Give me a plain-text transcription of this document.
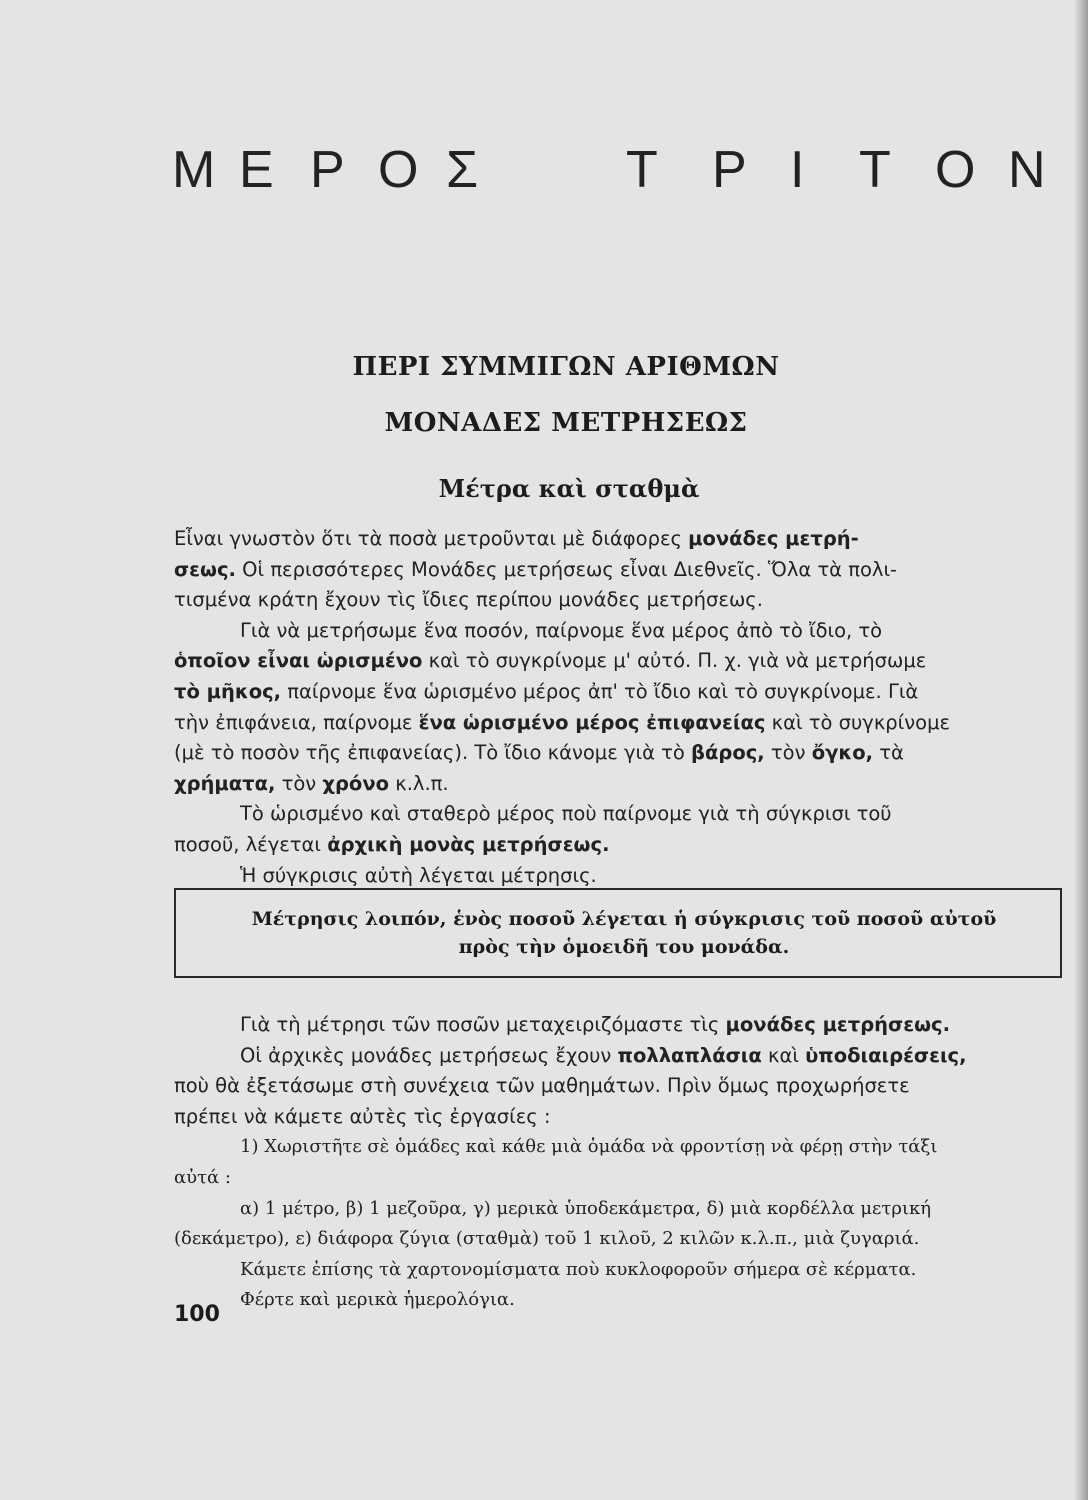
Μ Ε Ρ Ο Σ	Τ Ρ Ι Τ Ο Ν
ΠΕΡΙ ΣΥΜΜΙΓΩΝ ΑΡΙΘΜΩΝ
ΜΟΝΑΔΕΣ ΜΕΤΡΗΣΕΩΣ
Μέτρα καὶ σταθμὰ
Εἶναι γνωστὸν ὅτι τὰ ποσὰ μετροῦνται μὲ διάφορες μονάδες μετρή-
σεως. Οἱ περισσότερες Μονάδες μετρήσεως εἶναι Διεθνεῖς. Ὅλα τὰ πολι-
τισμένα κράτη ἔχουν τὶς ἴδιες περίπου μονάδες μετρήσεως.
Γιὰ νὰ μετρήσωμε ἕνα ποσόν, παίρνομε ἕνα μέρος ἀπὸ τὸ ἴδιο, τὸ
ὁποῖον εἶναι ὡρισμένο καὶ τὸ συγκρίνομε μ' αὐτό. Π. χ. γιὰ νὰ μετρήσωμε
τὸ μῆκος, παίρνομε ἕνα ὡρισμένο μέρος ἀπ' τὸ ἴδιο καὶ τὸ συγκρίνομε. Γιὰ
τὴν ἐπιφάνεια, παίρνομε ἕνα ὡρισμένο μέρος ἐπιφανείας καὶ τὸ συγκρίνομε
(μὲ τὸ ποσὸν τῆς ἐπιφανείας). Τὸ ἴδιο κάνομε γιὰ τὸ βάρος, τὸν ὄγκο, τὰ
χρήματα, τὸν χρόνο κ.λ.π.
Τὸ ὡρισμένο καὶ σταθερὸ μέρος ποὺ παίρνομε γιὰ τὴ σύγκρισι τοῦ
ποσοῦ, λέγεται ἀρχικὴ μονὰς μετρήσεως.
Ἡ σύγκρισις αὐτὴ λέγεται μέτρησις.
Μέτρησις λοιπόν, ἑνὸς ποσοῦ λέγεται ἡ σύγκρισις τοῦ ποσοῦ αὐτοῦ
πρὸς τὴν ὁμοειδῆ του μονάδα.
Γιὰ τὴ μέτρησι τῶν ποσῶν μεταχειριζόμαστε τὶς μονάδες μετρήσεως.
Οἱ ἀρχικὲς μονάδες μετρήσεως ἔχουν πολλαπλάσια καὶ ὑποδιαιρέσεις,
ποὺ θὰ ἐξετάσωμε στὴ συνέχεια τῶν μαθημάτων. Πρὶν ὅμως προχωρήσετε
πρέπει νὰ κάμετε αὐτὲς τὶς ἐργασίες :
1) Χωριστῆτε σὲ ὁμάδες καὶ κάθε μιὰ ὁμάδα νὰ φροντίσῃ νὰ φέρῃ στὴν τάξι
αὐτά :
α) 1 μέτρο, β) 1 μεζοῦρα, γ) μερικὰ ὑποδεκάμετρα, δ) μιὰ κορδέλλα μετρική
(δεκάμετρο), ε) διάφορα ζύγια (σταθμὰ) τοῦ 1 κιλοῦ, 2 κιλῶν κ.λ.π., μιὰ ζυγαριά.
Κάμετε ἐπίσης τὰ χαρτονομίσματα ποὺ κυκλοφοροῦν σήμερα σὲ κέρματα.
Φέρτε καὶ μερικὰ ἡμερολόγια.
100
